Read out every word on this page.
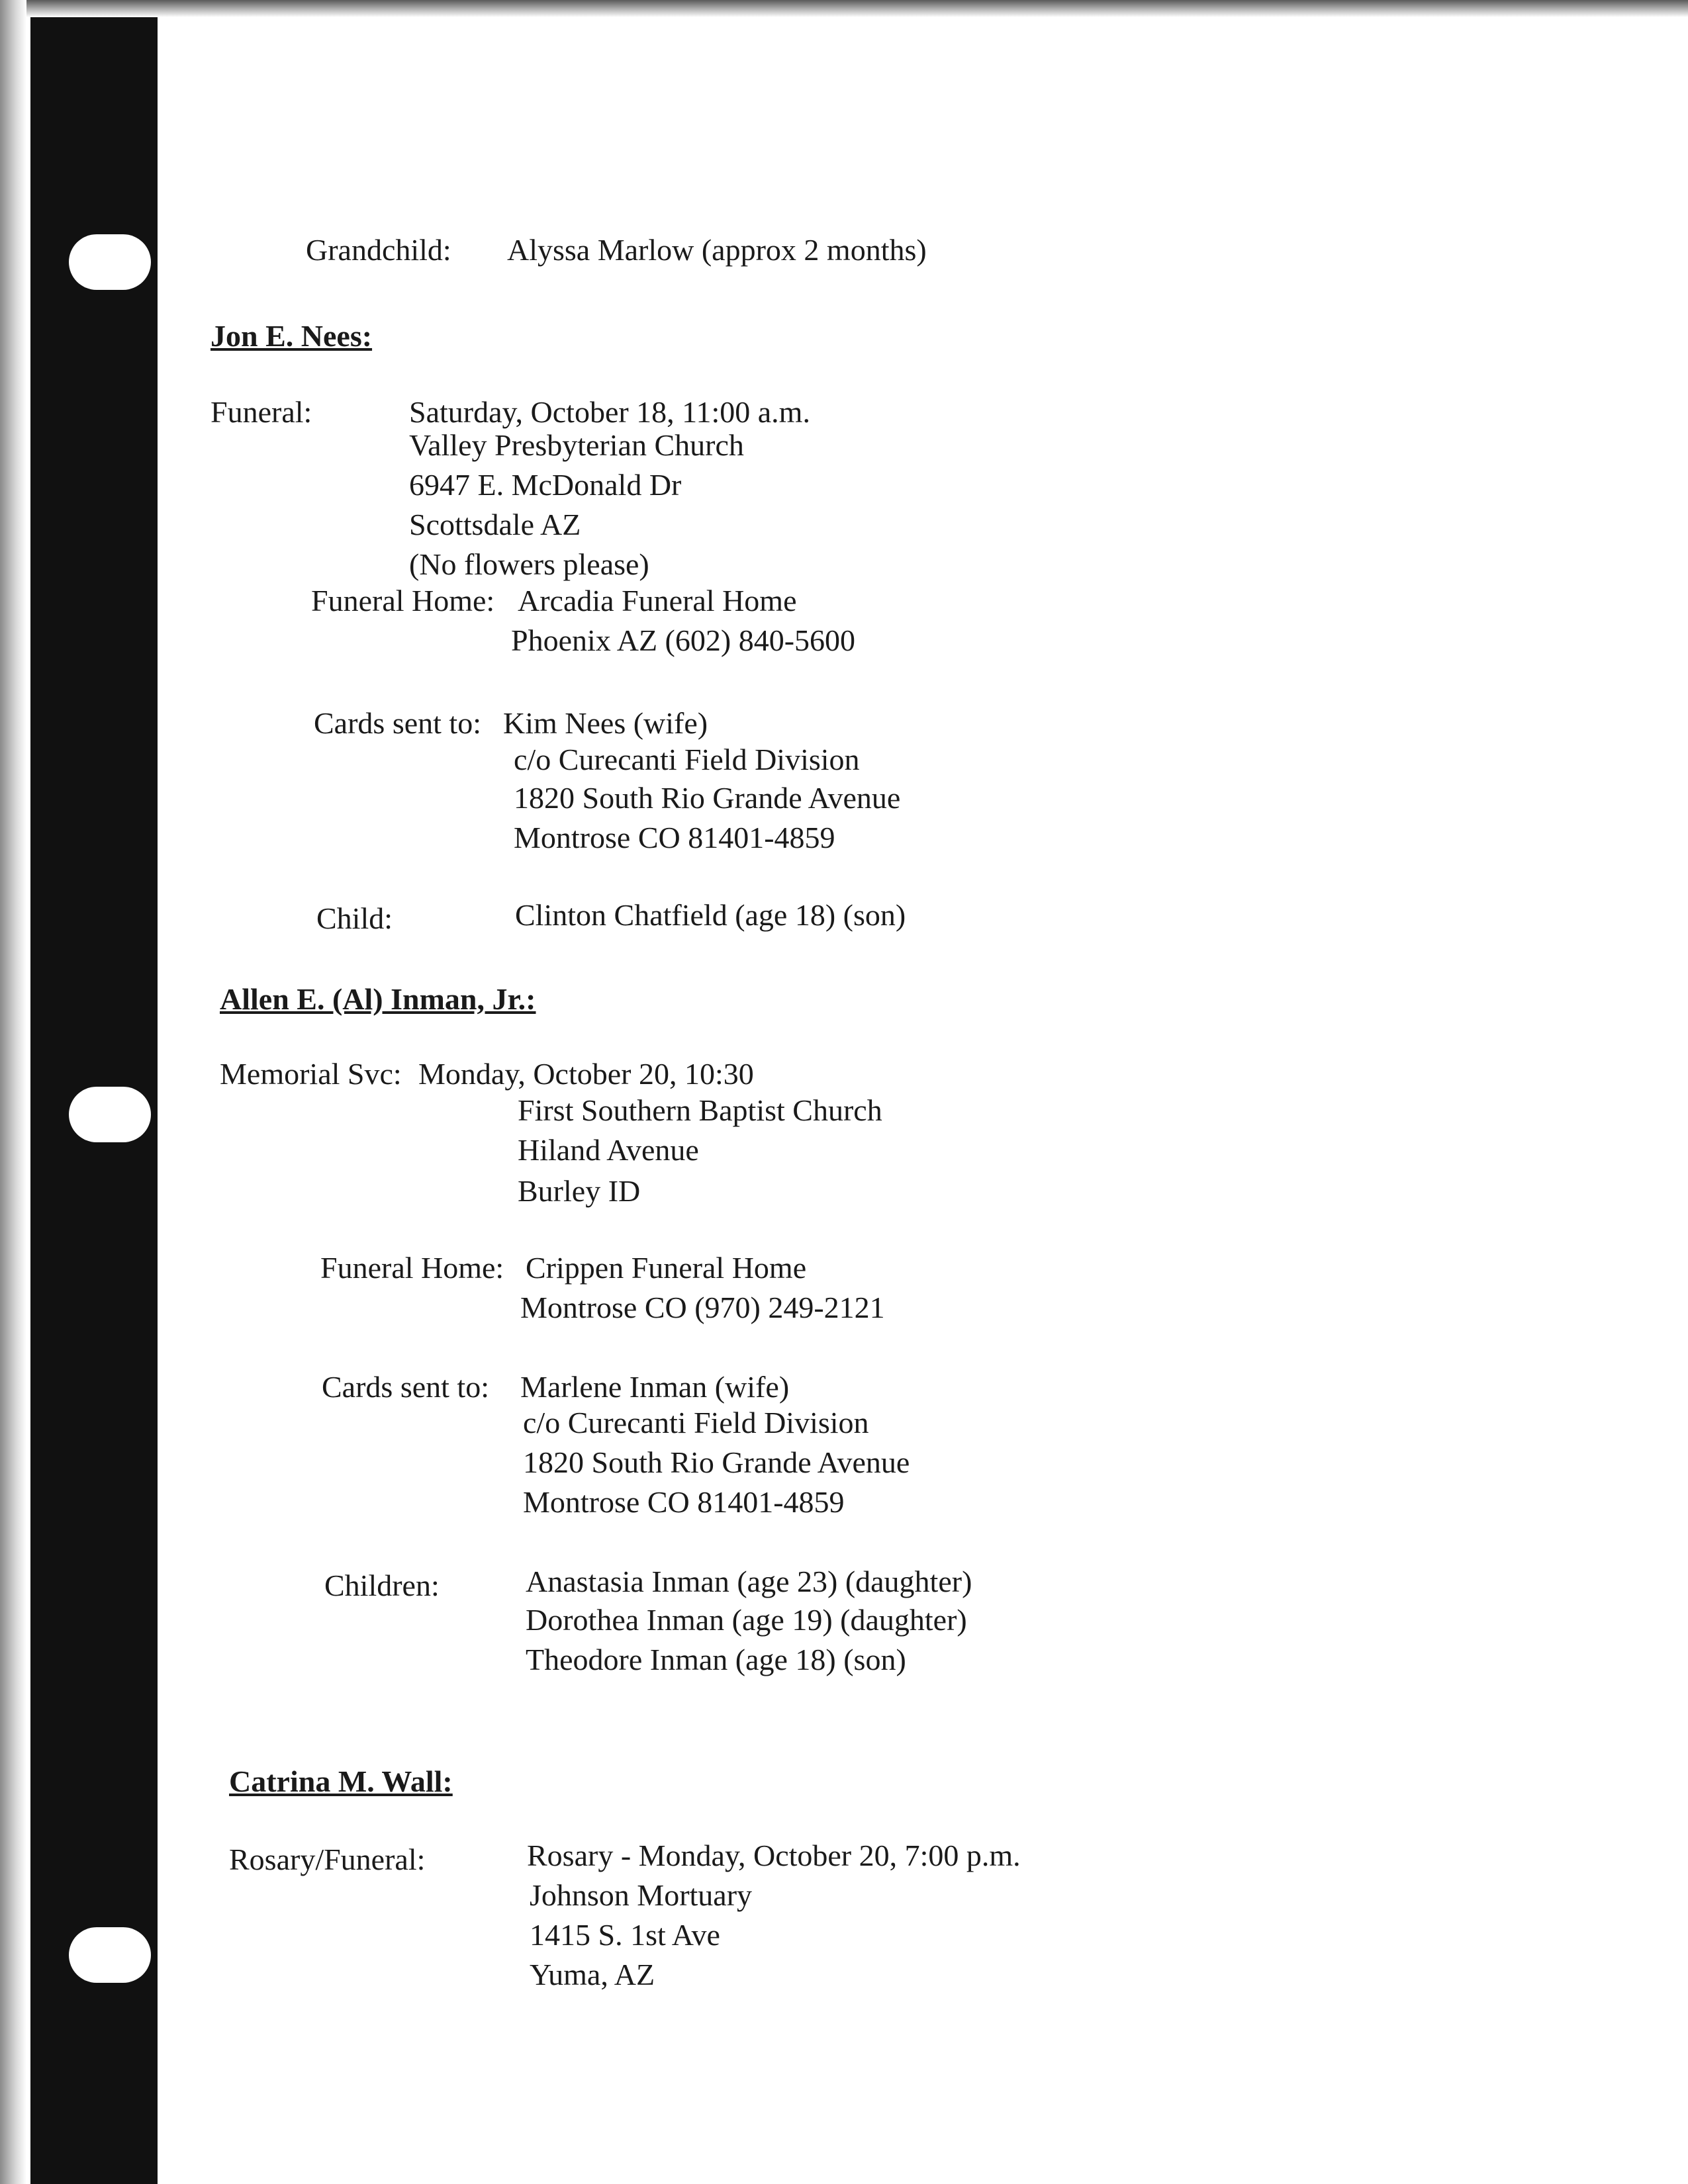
Grandchild: Alyssa Marlow (approx 2 months)
Jon E. Nees:
Funeral:	Saturday, October 18, 11:00 a.m.
Valley Presbyterian Church
6947 E. McDonald Dr
Scottsdale AZ
(No flowers please)
Funeral Home: Arcadia Funeral Home
Phoenix AZ (602) 840-5600
Cards sent to: Kim Nees (wife)
c/o Curecanti Field Division
1820 South Rio Grande Avenue
Montrose CO 81401-4859
Child:	Clinton Chatfield (age 18) (son)
Allen E. (Al) Inman, Jr.:
Memorial Svc: Monday, October 20, 10:30
First Southern Baptist Church
Hiland Avenue
Burley ID
Funeral Home: Crippen Funeral Home
Montrose CO (970) 249-2121
Cards sent to: Marlene Inman (wife)
c/o Curecanti Field Division
1820 South Rio Grande Avenue
Montrose CO 81401-4859
Children:	Anastasia Inman (age 23) (daughter)
Dorothea Inman (age 19) (daughter)
Theodore Inman (age 18) (son)
Catrina M. Wall:
Rosary/Funeral:	Rosary - Monday, October 20, 7:00 p.m.
Johnson Mortuary
1415 S. 1st Ave
Yuma, AZ
